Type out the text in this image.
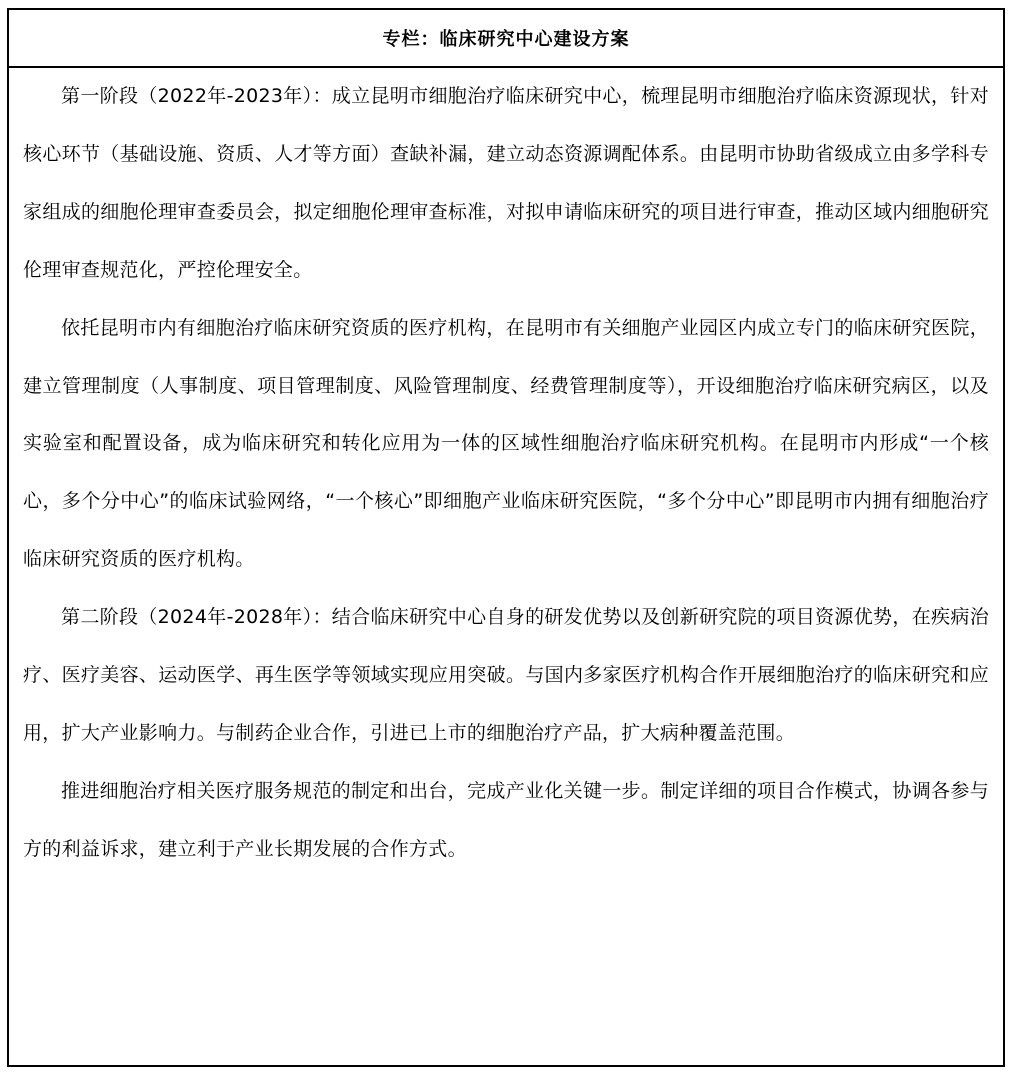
专栏：临床研究中心建设方案

第一阶段（2022年-2023年）：成立昆明市细胞治疗临床研究中心，梳理昆明市细胞治疗临床资源现状，针对核心环节（基础设施、资质、人才等方面）查缺补漏，建立动态资源调配体系。由昆明市协助省级成立由多学科专家组成的细胞伦理审查委员会，拟定细胞伦理审查标准，对拟申请临床研究的项目进行审查，推动区域内细胞研究伦理审查规范化，严控伦理安全。

依托昆明市内有细胞治疗临床研究资质的医疗机构，在昆明市有关细胞产业园区内成立专门的临床研究医院，建立管理制度（人事制度、项目管理制度、风险管理制度、经费管理制度等），开设细胞治疗临床研究病区，以及实验室和配置设备，成为临床研究和转化应用为一体的区域性细胞治疗临床研究机构。在昆明市内形成“一个核心，多个分中心”的临床试验网络，“一个核心”即细胞产业临床研究医院，“多个分中心”即昆明市内拥有细胞治疗临床研究资质的医疗机构。

第二阶段（2024年-2028年）：结合临床研究中心自身的研发优势以及创新研究院的项目资源优势，在疾病治疗、医疗美容、运动医学、再生医学等领域实现应用突破。与国内多家医疗机构合作开展细胞治疗的临床研究和应用，扩大产业影响力。与制药企业合作，引进已上市的细胞治疗产品，扩大病种覆盖范围。

推进细胞治疗相关医疗服务规范的制定和出台，完成产业化关键一步。制定详细的项目合作模式，协调各参与方的利益诉求，建立利于产业长期发展的合作方式。
